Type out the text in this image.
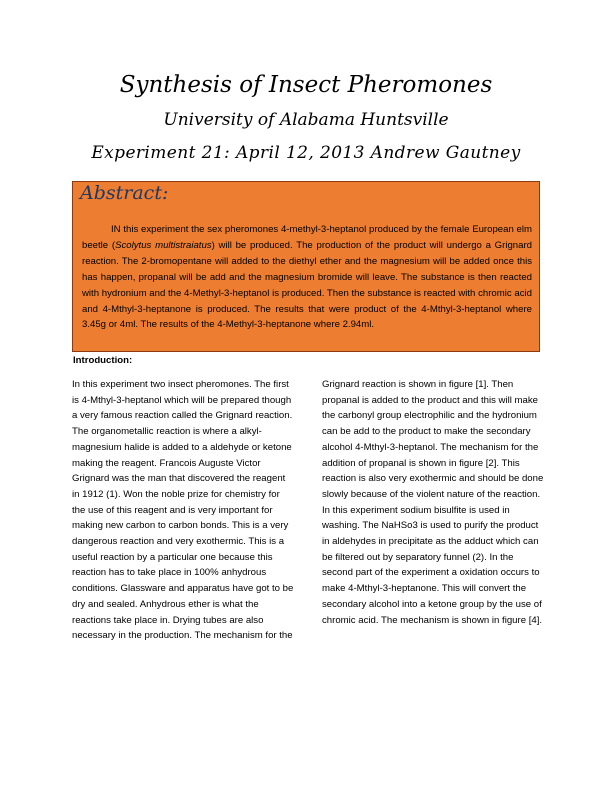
Synthesis of Insect Pheromones
University of Alabama Huntsville
Experiment 21: April 12, 2013 Andrew Gautney
Abstract:
IN this experiment the sex pheromones 4-methyl-3-heptanol produced by the female European elm beetle (Scolytus multistraiatus) will be produced. The production of the product will undergo a Grignard reaction. The 2-bromopentane will added to the diethyl ether and the magnesium will be added once this has happen, propanal will be add and the magnesium bromide will leave. The substance is then reacted with hydronium and the 4-Methyl-3-heptanol is produced. Then the substance is reacted with chromic acid and 4-Mthyl-3-heptanone is produced. The results that were product of the 4-Mthyl-3-heptanol where 3.45g or 4ml. The results of the 4-Methyl-3-heptanone where 2.94ml.
Introduction:

In this experiment two insect pheromones. The first is 4-Mthyl-3-heptanol which will be prepared though a very famous reaction called the Grignard reaction. The organometallic reaction is where a alkyl-magnesium halide is added to a aldehyde or ketone making the reagent. Francois Auguste Victor Grignard was the man that discovered the reagent in 1912 (1). Won the noble prize for chemistry for the use of this reagent and is very important for making new carbon to carbon bonds. This is a very dangerous reaction and very exothermic. This is a useful reaction by a particular one because this reaction has to take place in 100% anhydrous conditions. Glassware and apparatus have got to be dry and sealed. Anhydrous ether is what the reactions take place in. Drying tubes are also necessary in the production. The mechanism for the

Grignard reaction is shown in figure [1]. Then propanal is added to the product and this will make the carbonyl group electrophilic and the hydronium can be add to the product to make the secondary alcohol 4-Mthyl-3-heptanol. The mechanism for the addition of propanal is shown in figure [2]. This reaction is also very exothermic and should be done slowly because of the violent nature of the reaction. In this experiment sodium bisulfite is used in washing. The NaHSo3 is used to purify the product in aldehydes in precipitate as the adduct which can be filtered out by separatory funnel (2). In the second part of the experiment a oxidation occurs to make 4-Mthyl-3-heptanone. This will convert the secondary alcohol into a ketone group by the use of chromic acid. The mechanism is shown in figure [4].
